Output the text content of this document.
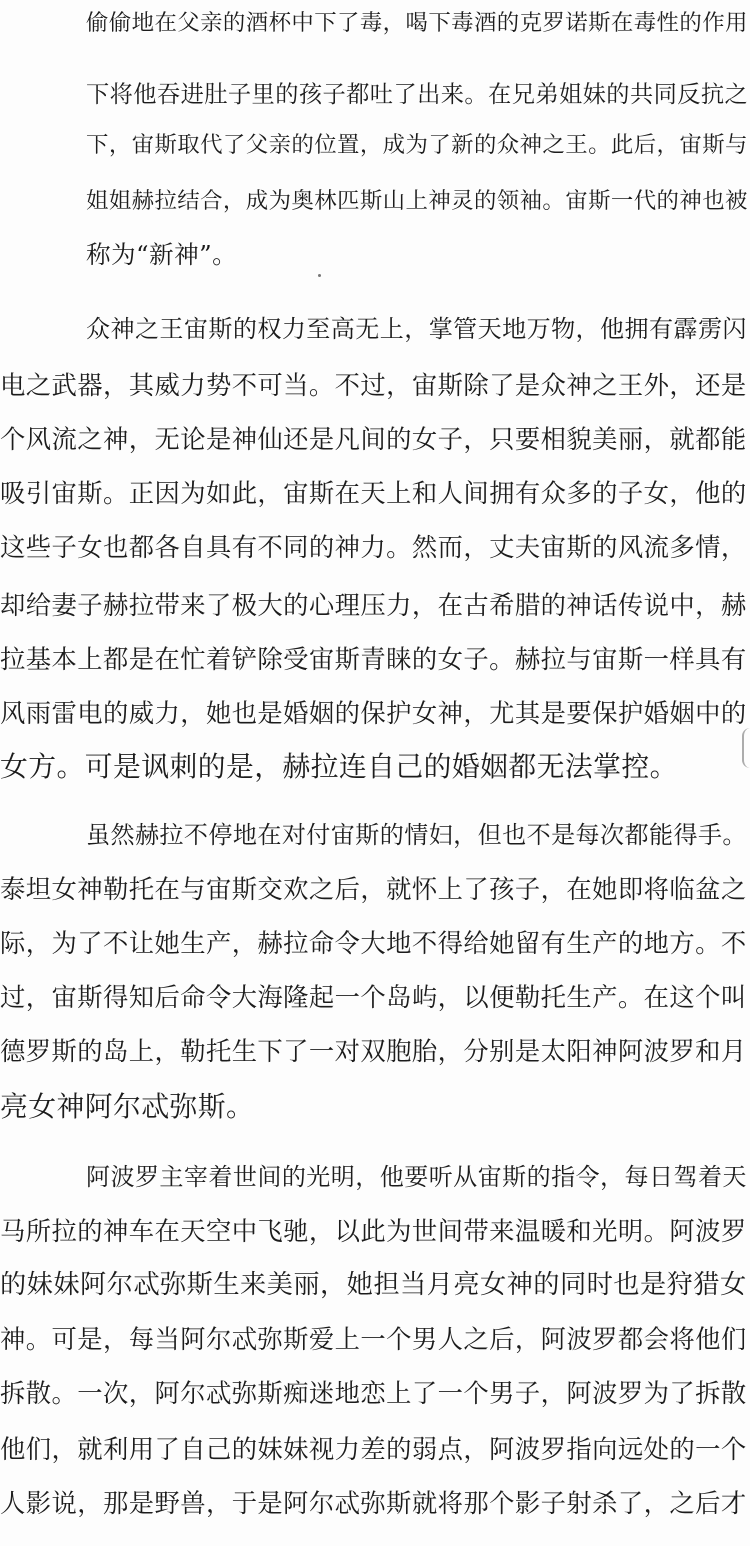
偷偷地在父亲的酒杯中下了毒，喝下毒酒的克罗诺斯在毒性的作用

下将他吞进肚子里的孩子都吐了出来。在兄弟姐妹的共同反抗之

下，宙斯取代了父亲的位置，成为了新的众神之王。此后，宙斯与

姐姐赫拉结合，成为奥林匹斯山上神灵的领袖。宙斯一代的神也被

称为“新神”。

众神之王宙斯的权力至高无上，掌管天地万物，他拥有霹雳闪

电之武器，其威力势不可当。不过，宙斯除了是众神之王外，还是

个风流之神，无论是神仙还是凡间的女子，只要相貌美丽，就都能

吸引宙斯。正因为如此，宙斯在天上和人间拥有众多的子女，他的

这些子女也都各自具有不同的神力。然而，丈夫宙斯的风流多情，

却给妻子赫拉带来了极大的心理压力，在古希腊的神话传说中，赫

拉基本上都是在忙着铲除受宙斯青睐的女子。赫拉与宙斯一样具有

风雨雷电的威力，她也是婚姻的保护女神，尤其是要保护婚姻中的

女方。可是讽刺的是，赫拉连自己的婚姻都无法掌控。

虽然赫拉不停地在对付宙斯的情妇，但也不是每次都能得手。

泰坦女神勒托在与宙斯交欢之后，就怀上了孩子，在她即将临盆之

际，为了不让她生产，赫拉命令大地不得给她留有生产的地方。不

过，宙斯得知后命令大海隆起一个岛屿，以便勒托生产。在这个叫

德罗斯的岛上，勒托生下了一对双胞胎，分别是太阳神阿波罗和月

亮女神阿尔忒弥斯。

阿波罗主宰着世间的光明，他要听从宙斯的指令，每日驾着天

马所拉的神车在天空中飞驰，以此为世间带来温暖和光明。阿波罗

的妹妹阿尔忒弥斯生来美丽，她担当月亮女神的同时也是狩猎女

神。可是，每当阿尔忒弥斯爱上一个男人之后，阿波罗都会将他们

拆散。一次，阿尔忒弥斯痴迷地恋上了一个男子，阿波罗为了拆散

他们，就利用了自己的妹妹视力差的弱点，阿波罗指向远处的一个

人影说，那是野兽，于是阿尔忒弥斯就将那个影子射杀了，之后才
